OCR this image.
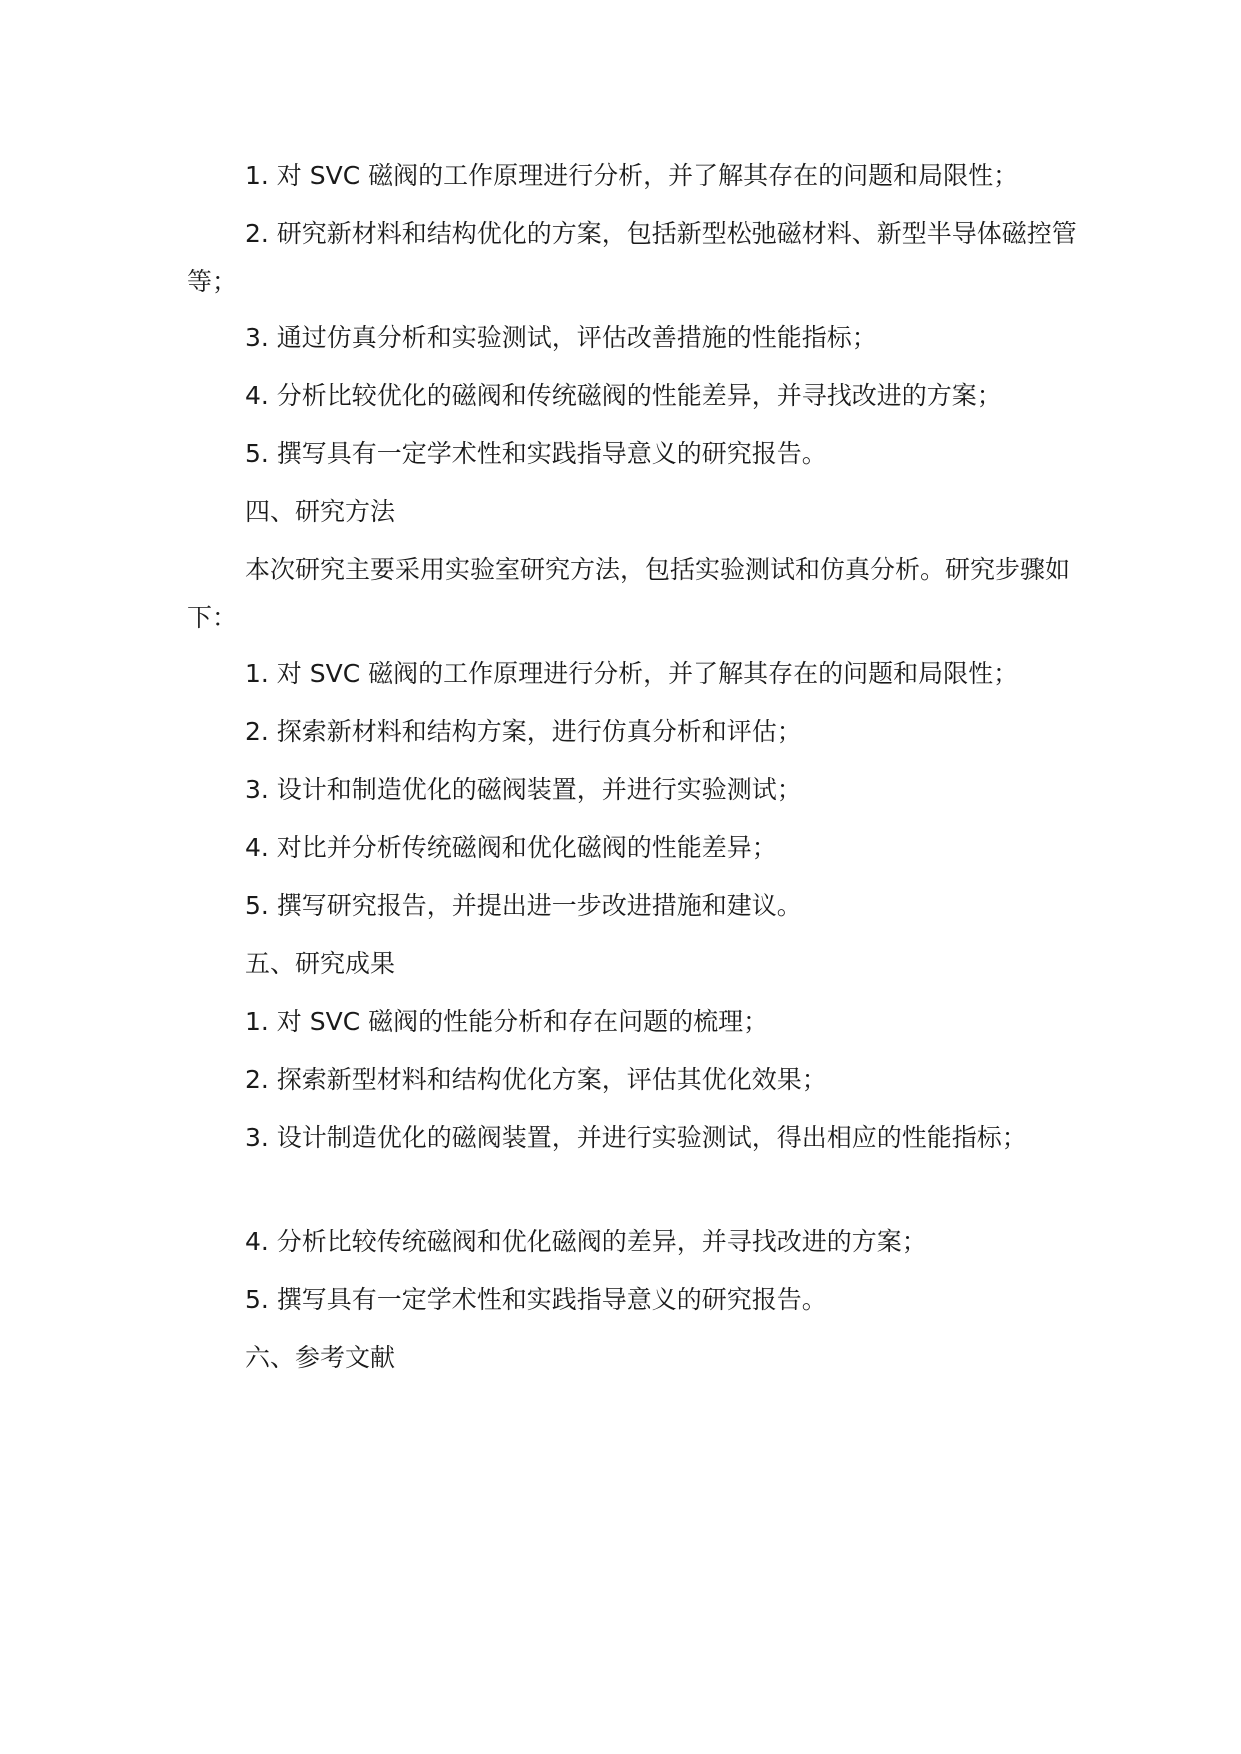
1. 对 SVC 磁阀的工作原理进行分析，并了解其存在的问题和局限性；

2. 研究新材料和结构优化的方案，包括新型松弛磁材料、新型半导体磁控管等；

3. 通过仿真分析和实验测试，评估改善措施的性能指标；

4. 分析比较优化的磁阀和传统磁阀的性能差异，并寻找改进的方案；

5. 撰写具有一定学术性和实践指导意义的研究报告。

四、研究方法

本次研究主要采用实验室研究方法，包括实验测试和仿真分析。研究步骤如下：

1. 对 SVC 磁阀的工作原理进行分析，并了解其存在的问题和局限性；

2. 探索新材料和结构方案，进行仿真分析和评估；

3. 设计和制造优化的磁阀装置，并进行实验测试；

4. 对比并分析传统磁阀和优化磁阀的性能差异；

5. 撰写研究报告，并提出进一步改进措施和建议。

五、研究成果

1. 对 SVC 磁阀的性能分析和存在问题的梳理；

2. 探索新型材料和结构优化方案，评估其优化效果；

3. 设计制造优化的磁阀装置，并进行实验测试，得出相应的性能指标；

4. 分析比较传统磁阀和优化磁阀的差异，并寻找改进的方案；

5. 撰写具有一定学术性和实践指导意义的研究报告。

六、参考文献
